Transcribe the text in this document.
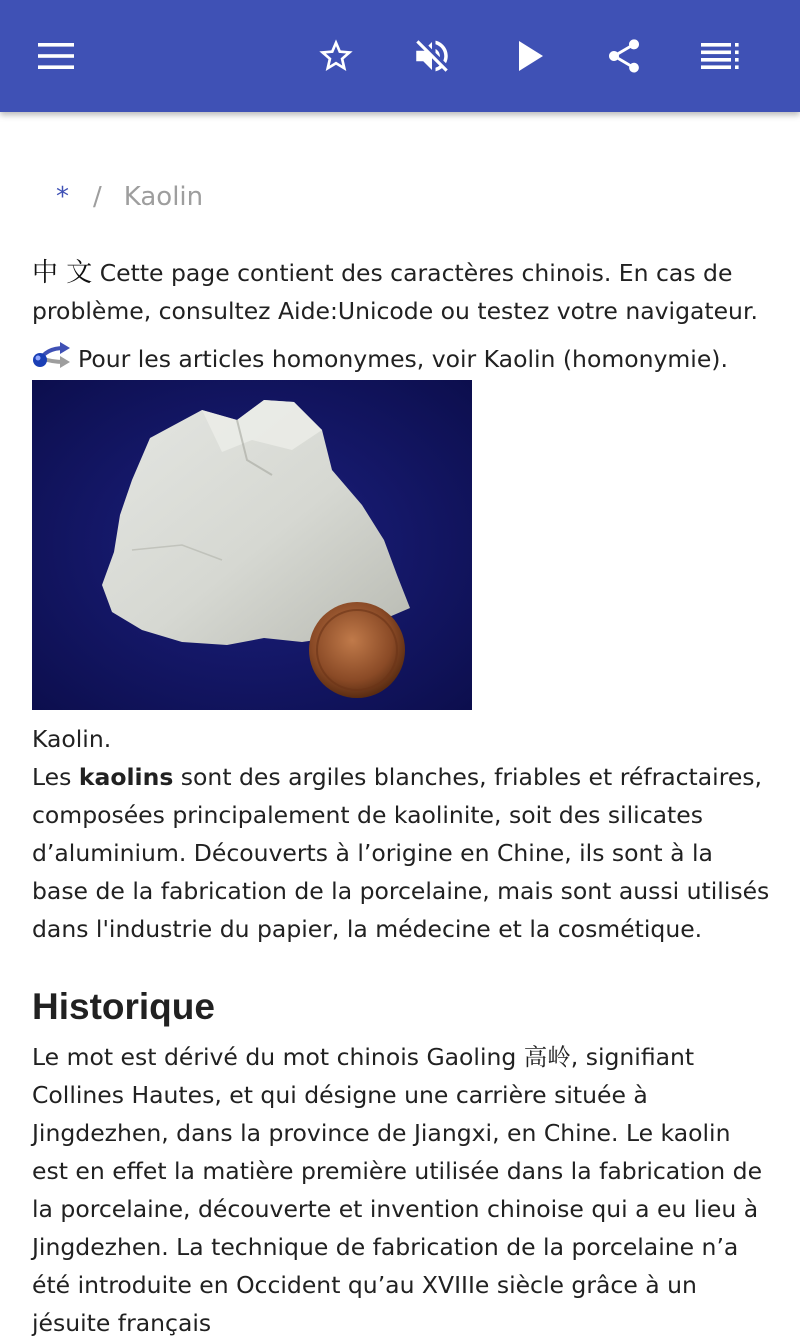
* / Kaolin
中 文 Cette page contient des caractères chinois. En cas de problème, consultez Aide:Unicode ou testez votre navigateur.
Pour les articles homonymes, voir Kaolin (homonymie).
Kaolin.
Les kaolins sont des argiles blanches, friables et réfractaires, composées principalement de kaolinite, soit des silicates d’aluminium. Découverts à l’origine en Chine, ils sont à la base de la fabrication de la porcelaine, mais sont aussi utilisés dans l'industrie du papier, la médecine et la cosmétique.
Historique
Le mot est dérivé du mot chinois Gaoling 高岭, signifiant Collines Hautes, et qui désigne une carrière située à Jingdezhen, dans la province de Jiangxi, en Chine. Le kaolin est en effet la matière première utilisée dans la fabrication de la porcelaine, découverte et invention chinoise qui a eu lieu à Jingdezhen. La technique de fabrication de la porcelaine n’a été introduite en Occident qu’au XVIIIe siècle grâce à un jésuite français
